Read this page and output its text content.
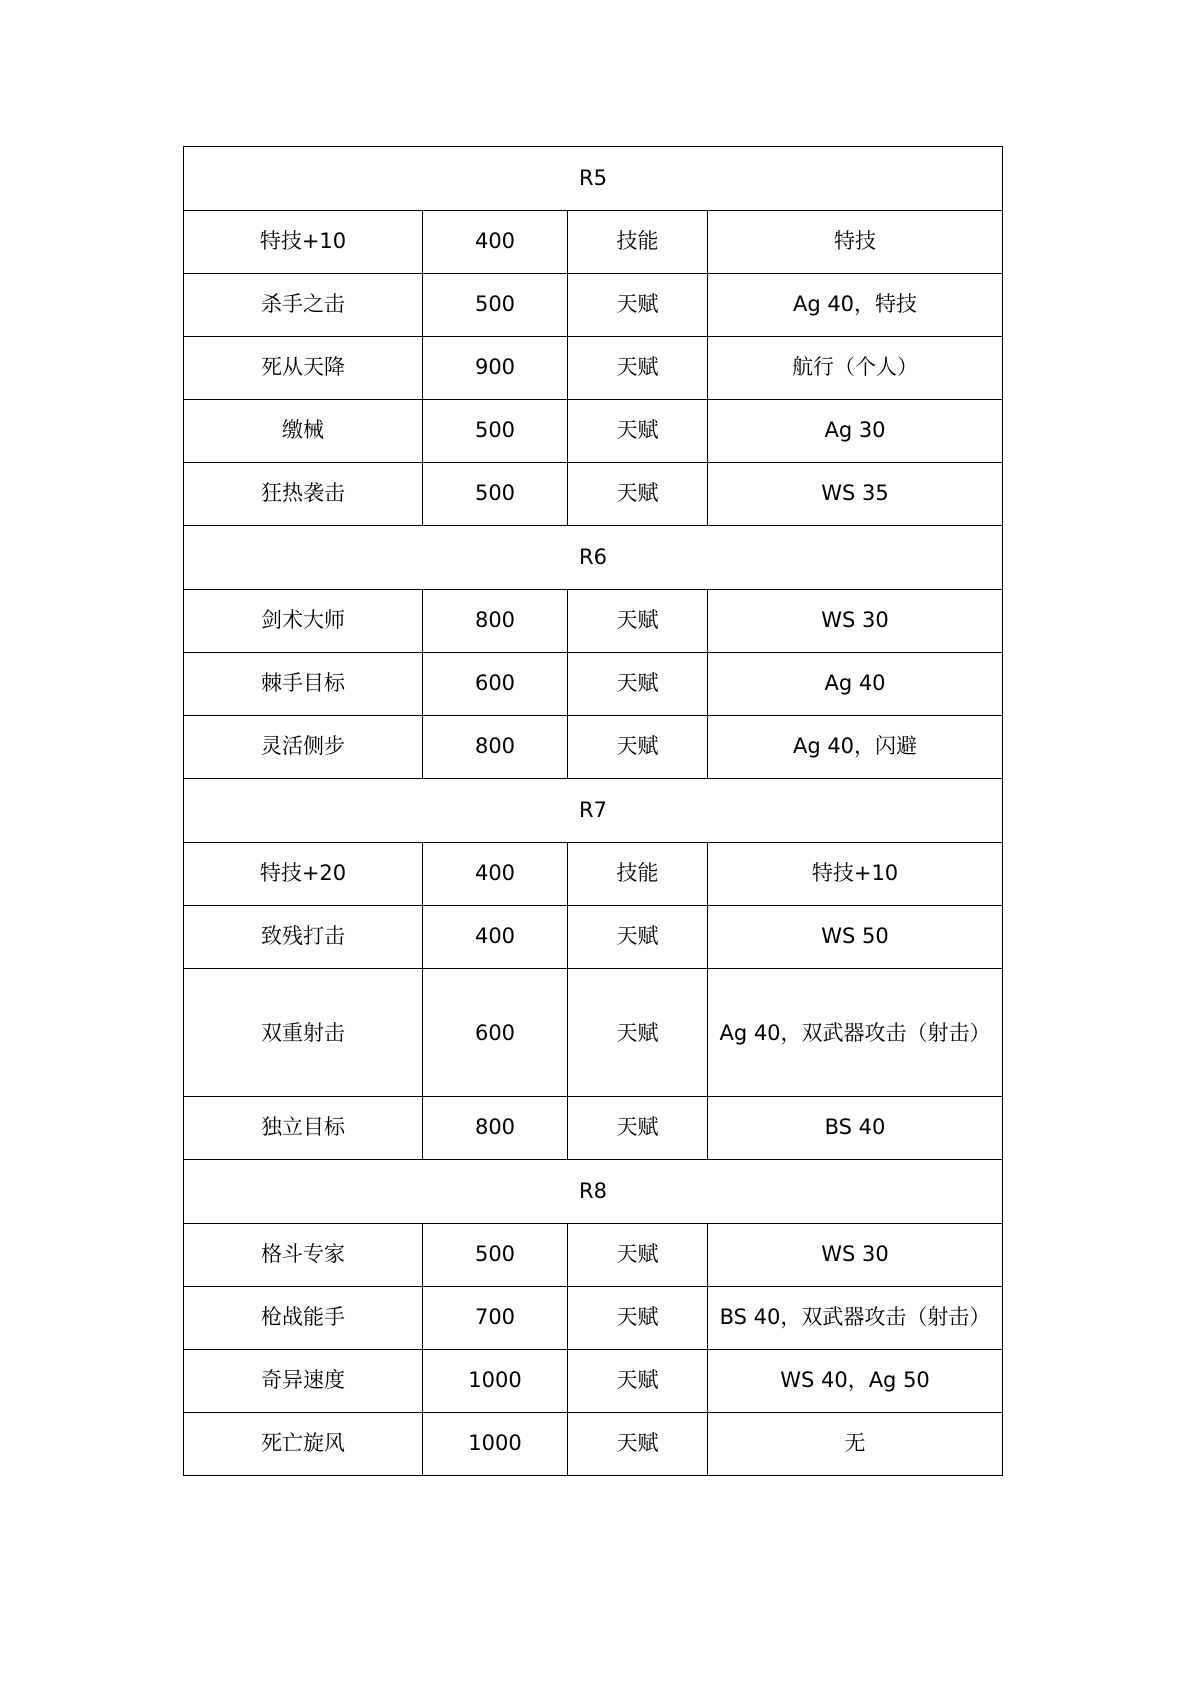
R5			
特技+10	400	技能	特技
杀手之击	500	天赋	Ag 40，特技
死从天降	900	天赋	航行（个人）
缴械	500	天赋	Ag 30
狂热袭击	500	天赋	WS 35
R6			
剑术大师	800	天赋	WS 30
棘手目标	600	天赋	Ag 40
灵活侧步	800	天赋	Ag 40，闪避
R7			
特技+20	400	技能	特技+10
致残打击	400	天赋	WS 50
双重射击	600	天赋	Ag 40，双武器攻击（射击）
独立目标	800	天赋	BS 40
R8			
格斗专家	500	天赋	WS 30
枪战能手	700	天赋	BS 40，双武器攻击（射击）
奇异速度	1000	天赋	WS 40，Ag 50
死亡旋风	1000	天赋	无
